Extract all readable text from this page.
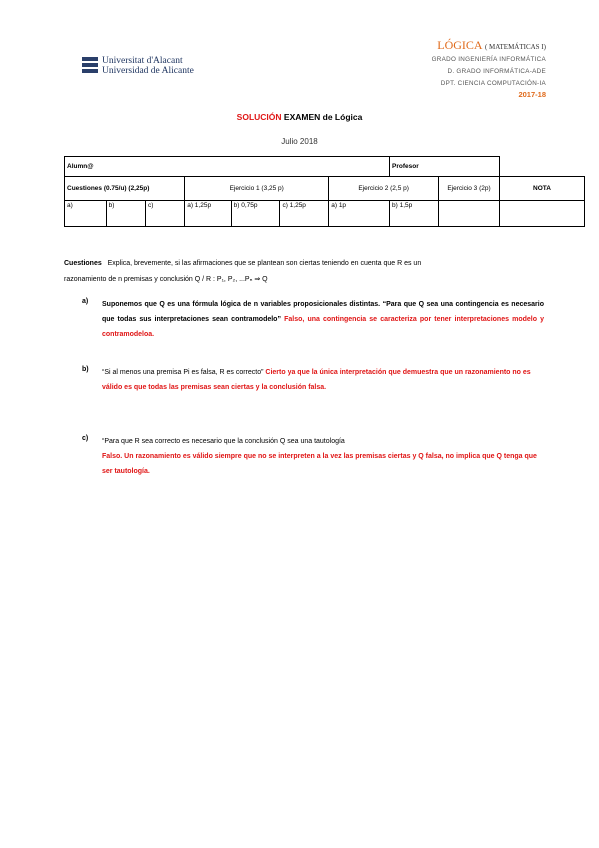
Universitat d'Alacant
Universidad de Alicante
LÓGICA ( MATEMÁTICAS I)
GRADO INGENIERÍA INFORMÁTICA
D. GRADO INFORMÁTICA-ADE
DPT. CIENCIA COMPUTACIÓN-IA
2017-18
SOLUCIÓN EXAMEN de Lógica
Julio 2018
Alumn@							Profesor		
Cuestiones (0.75/u) (2,25p)			Ejercicio 1 (3,25 p)			Ejercicio 2 (2,5 p)		Ejercicio 3 (2p)	NOTA
a)	b)	c)	a) 1,25p	b) 0,75p	c) 1,25p	a) 1p	b) 1,5p		
Cuestiones Explica, brevemente, si las afirmaciones que se plantean son ciertas teniendo en cuenta que R es un
razonamiento de n premisas y conclusión Q / R : P₁, P₂, ...Pₙ ⇒ Q
a) Suponemos que Q es una fórmula lógica de n variables proposicionales distintas. “Para que Q sea una contingencia es necesario que todas sus interpretaciones sean contramodelo” Falso, una contingencia se caracteriza por tener interpretaciones modelo y contramodeloa.
b) “Si al menos una premisa Pi es falsa, R es correcto” Cierto ya que la única interpretación que demuestra que un razonamiento no es válido es que todas las premisas sean ciertas y la conclusión falsa.
c) “Para que R sea correcto es necesario que la conclusión Q sea una tautología
Falso. Un razonamiento es válido siempre que no se interpreten a la vez las premisas ciertas y Q falsa, no implica que Q tenga que ser tautología.
